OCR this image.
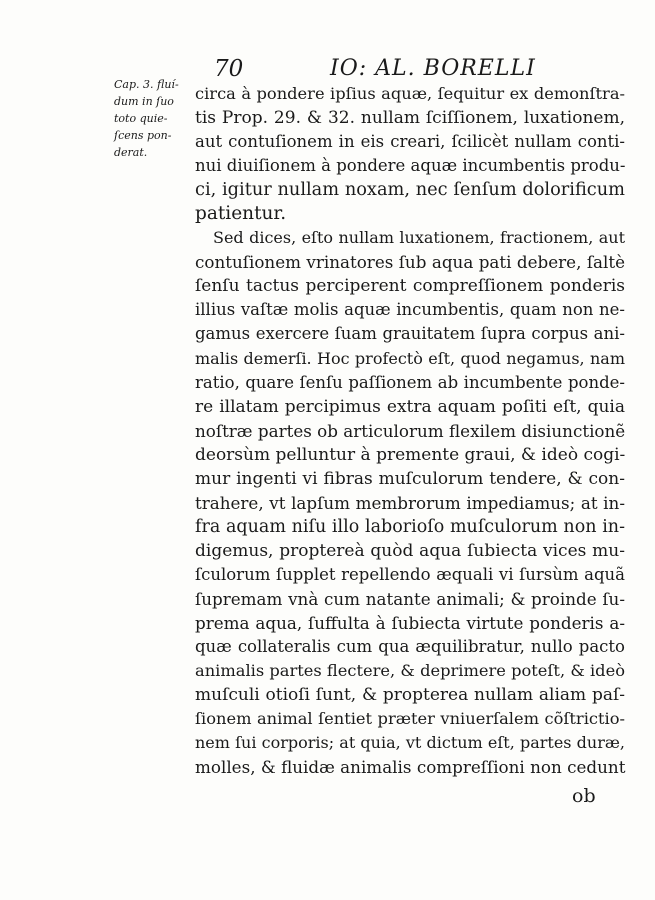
70	IO: AL. BORELLI
Cap. 3. fluí-
dum in ſuo
toto quie-
ſcens pon-
derat.
circa à pondere ipſius aquæ, ſequitur ex demonſtra-
tis Prop. 29. & 32. nullam ſciſſionem, luxationem,
aut contuſionem in eis creari, ſcilicèt nullam conti-
nui diuiſionem à pondere aquæ incumbentis produ-
ci, igitur nullam noxam, nec ſenſum dolorificum
patientur.
Sed dices, eſto nullam luxationem, fractionem, aut
contuſionem vrinatores ſub aqua pati debere, ſaltè
ſenſu tactus perciperent compreſſionem ponderis
illius vaſtæ molis aquæ incumbentis, quam non ne-
gamus exercere ſuam grauitatem ſupra corpus ani-
malis demerſi. Hoc profectò eſt, quod negamus, nam
ratio, quare ſenſu paſſionem ab incumbente ponde-
re illatam percipimus extra aquam poſiti eſt, quia
noſtræ partes ob articulorum flexilem disiunctionẽ
deorsùm pelluntur à premente graui, & ideò cogi-
mur ingenti vi fibras muſculorum tendere, & con-
trahere, vt lapſum membrorum impediamus; at in-
fra aquam niſu illo laborioſo muſculorum non in-
digemus, proptereà quòd aqua ſubiecta vices mu-
ſculorum ſupplet repellendo æquali vi ſursùm aquã
ſupremam vnà cum natante animali; & proinde ſu-
prema aqua, ſuffulta à ſubiecta virtute ponderis a-
quæ collateralis cum qua æquilibratur, nullo pacto
animalis partes flectere, & deprimere poteſt, & ideò
muſculi otioſi ſunt, & propterea nullam aliam paſ-
ſionem animal ſentiet præter vniuerſalem cõſtrictio-
nem ſui corporis; at quia, vt dictum eſt, partes duræ,
molles, & fluidæ animalis compreſſioni non cedunt
ob
